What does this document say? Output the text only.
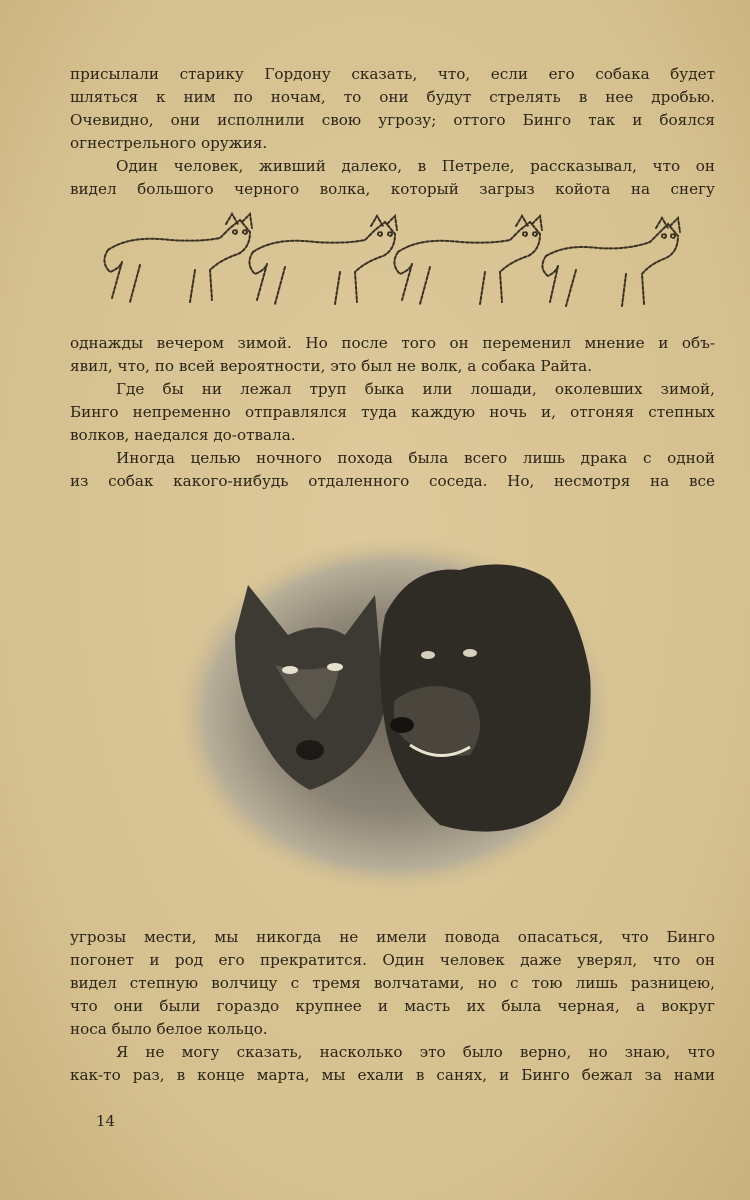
присылали старику Гордону сказать, что, если его собака будет
шляться к ним по ночам, то они будут стрелять в нее дробью.
Очевидно, они исполнили свою угрозу; оттого Бинго так и боялся
огнестрельного оружия.
Один человек, живший далеко, в Петреле, рассказывал, что он
видел большого черного волка, который загрыз койота на снегу
однажды вечером зимой. Но после того он переменил мнение и объ-
явил, что, по всей вероятности, это был не волк, а собака Райта.
Где бы ни лежал труп быка или лошади, околевших зимой,
Бинго непременно отправлялся туда каждую ночь и, отгоняя степных
волков, наедался до-отвала.
Иногда целью ночного похода была всего лишь драка с одной
из собак какого-нибудь отдаленного соседа. Но, несмотря на все
угрозы мести, мы никогда не имели повода опасаться, что Бинго
погонет и род его прекратится. Один человек даже уверял, что он
видел степную волчицу с тремя волчатами, но с тою лишь разницею,
что они были гораздо крупнее и масть их была черная, а вокруг
носа было белое кольцо.
Я не могу сказать, насколько это было верно, но знаю, что
как-то раз, в конце марта, мы ехали в санях, и Бинго бежал за нами
14
